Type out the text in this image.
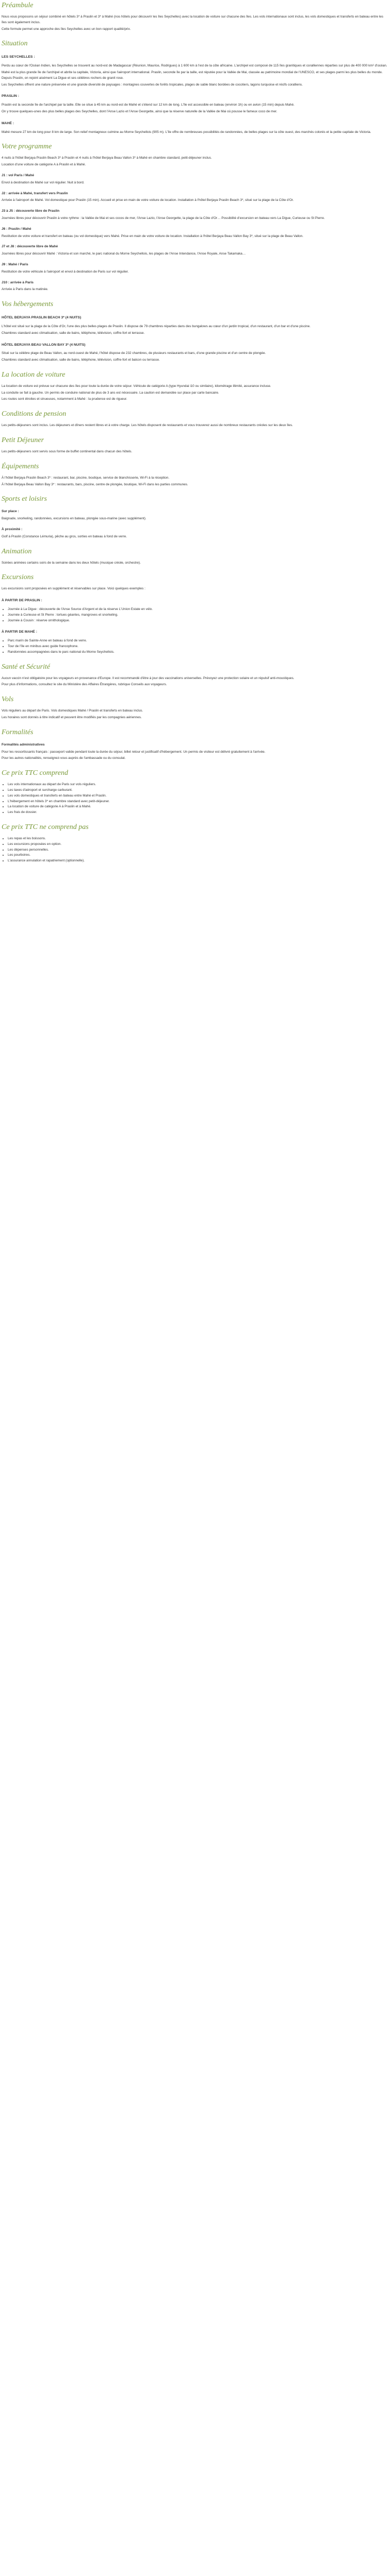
Préambule

Nous vous proposons un séjour combiné en hôtels 3* à Praslin et 3* à Mahé (nos hôtels pour découvrir les îles Seychelles) avec la location de voiture sur chacune des îles. Les vols internationaux sont inclus, les vols domestiques et transferts en bateau entre les îles sont également inclus.

Cette formule permet une approche des îles Seychelles avec un bon rapport qualité/prix.

Situation
LES SEYCHELLES :

Perdu au cœur de l'Océan Indien, les Seychelles se trouvent au nord-est de Madagascar (Réunion, Maurice, Rodrigues) à 1 600 km à l'est de la côte africaine. L'archipel est composé de 115 îles granitiques et coralliennes réparties sur plus de 400 000 km² d'océan.

Mahé est la plus grande île de l'archipel et abrite la capitale, Victoria, ainsi que l'aéroport international. Praslin, seconde île par la taille, est réputée pour la Vallée de Mai, classée au patrimoine mondial de l'UNESCO, et ses plages parmi les plus belles du monde. Depuis Praslin, on rejoint aisément La Digue et ses célèbres rochers de granit rose.

Les Seychelles offrent une nature préservée et une grande diversité de paysages : montagnes couvertes de forêts tropicales, plages de sable blanc bordées de cocotiers, lagons turquoise et récifs coralliens.

PRASLIN :

Praslin est la seconde île de l'archipel par la taille. Elle se situe à 45 km au nord-est de Mahé et s'étend sur 12 km de long. L'île est accessible en bateau (environ 1h) ou en avion (15 min) depuis Mahé.

On y trouve quelques-unes des plus belles plages des Seychelles, dont l'Anse Lazio et l'Anse Georgette, ainsi que la réserve naturelle de la Vallée de Mai où pousse le fameux coco de mer.

MAHÉ :

Mahé mesure 27 km de long pour 8 km de large. Son relief montagneux culmine au Morne Seychellois (905 m). L'île offre de nombreuses possibilités de randonnées, de belles plages sur la côte ouest, des marchés colorés et la petite capitale de Victoria.

Votre programme

4 nuits à l'hôtel Berjaya Praslin Beach 3* à Praslin et 4 nuits à l'hôtel Berjaya Beau Vallon 3* à Mahé en chambre standard, petit-déjeuner inclus.

Location d'une voiture de catégorie A à Praslin et à Mahé.

J1 : vol Paris / Mahé

Envol à destination de Mahé sur vol régulier. Nuit à bord.

J2 : arrivée à Mahé, transfert vers Praslin

Arrivée à l'aéroport de Mahé. Vol domestique pour Praslin (15 min). Accueil et prise en main de votre voiture de location. Installation à l'hôtel Berjaya Praslin Beach 3*, situé sur la plage de la Côte d'Or.

J3 à J5 : découverte libre de Praslin

Journées libres pour découvrir Praslin à votre rythme : la Vallée de Mai et ses cocos de mer, l'Anse Lazio, l'Anse Georgette, la plage de la Côte d'Or… Possibilité d'excursion en bateau vers La Digue, Curieuse ou St Pierre.

J6 : Praslin / Mahé

Restitution de votre voiture et transfert en bateau (ou vol domestique) vers Mahé. Prise en main de votre voiture de location. Installation à l'hôtel Berjaya Beau Vallon Bay 3*, situé sur la plage de Beau Vallon.

J7 et J8 : découverte libre de Mahé

Journées libres pour découvrir Mahé : Victoria et son marché, le parc national du Morne Seychellois, les plages de l'Anse Intendance, l'Anse Royale, Anse Takamaka…

J9 : Mahé / Paris

Restitution de votre véhicule à l'aéroport et envol à destination de Paris sur vol régulier.

J10 : arrivée à Paris

Arrivée à Paris dans la matinée.

Vos hébergements
HÔTEL BERJAYA PRASLIN BEACH 3* (4 NUITS)

L'hôtel est situé sur la plage de la Côte d'Or, l'une des plus belles plages de Praslin. Il dispose de 79 chambres réparties dans des bungalows au cœur d'un jardin tropical, d'un restaurant, d'un bar et d'une piscine.

Chambres standard avec climatisation, salle de bains, téléphone, télévision, coffre-fort et terrasse.

HÔTEL BERJAYA BEAU VALLON BAY 3* (4 NUITS)

Situé sur la célèbre plage de Beau Vallon, au nord-ouest de Mahé, l'hôtel dispose de 232 chambres, de plusieurs restaurants et bars, d'une grande piscine et d'un centre de plongée.

Chambres standard avec climatisation, salle de bains, téléphone, télévision, coffre-fort et balcon ou terrasse.

La location de voiture

La location de voiture est prévue sur chacune des îles pour toute la durée de votre séjour. Véhicule de catégorie A (type Hyundai i10 ou similaire), kilométrage illimité, assurance incluse.

La conduite se fait à gauche. Un permis de conduire national de plus de 3 ans est nécessaire. La caution est demandée sur place par carte bancaire.

Les routes sont étroites et sinueuses, notamment à Mahé : la prudence est de rigueur.

Conditions de pension

Les petits-déjeuners sont inclus. Les déjeuners et dîners restent libres et à votre charge. Les hôtels disposent de restaurants et vous trouverez aussi de nombreux restaurants créoles sur les deux îles.

Petit Déjeuner

Les petits-déjeuners sont servis sous forme de buffet continental dans chacun des hôtels.

Équipements

À l'hôtel Berjaya Praslin Beach 3* : restaurant, bar, piscine, boutique, service de blanchisserie, Wi-Fi à la réception.

À l'hôtel Berjaya Beau Vallon Bay 3* : restaurants, bars, piscine, centre de plongée, boutique, Wi-Fi dans les parties communes.

Sports et loisirs
Sur place :

Baignade, snorkeling, randonnées, excursions en bateau, plongée sous-marine (avec supplément).

À proximité :

Golf à Praslin (Constance Lémuria), pêche au gros, sorties en bateau à fond de verre.

Animation

Soirées animées certains soirs de la semaine dans les deux hôtels (musique créole, orchestre).

Excursions

Les excursions sont proposées en supplément et réservables sur place. Voici quelques exemples :

À PARTIR DE PRASLIN :
• Journée à La Digue : découverte de l'Anse Source d'Argent et de la réserve L'Union Estate en vélo.
• Journée à Curieuse et St Pierre : tortues géantes, mangroves et snorkeling.
• Journée à Cousin : réserve ornithologique.
À PARTIR DE MAHÉ :
• Parc marin de Sainte-Anne en bateau à fond de verre.
• Tour de l'île en minibus avec guide francophone.
• Randonnées accompagnées dans le parc national du Morne Seychellois.
Santé et Sécurité

Aucun vaccin n'est obligatoire pour les voyageurs en provenance d'Europe. Il est recommandé d'être à jour des vaccinations universelles. Prévoyez une protection solaire et un répulsif anti-moustiques.

Pour plus d'informations, consultez le site du Ministère des Affaires Étrangères, rubrique Conseils aux voyageurs.

Vols

Vols réguliers au départ de Paris. Vols domestiques Mahé / Praslin et transferts en bateau inclus.

Les horaires sont donnés à titre indicatif et peuvent être modifiés par les compagnies aériennes.

Formalités
Formalités administratives

Pour les ressortissants français : passeport valide pendant toute la durée du séjour, billet retour et justificatif d'hébergement. Un permis de visiteur est délivré gratuitement à l'arrivée.

Pour les autres nationalités, renseignez-vous auprès de l'ambassade ou du consulat.

Ce prix TTC comprend
• Les vols internationaux au départ de Paris sur vols réguliers.
• Les taxes d'aéroport et surcharge carburant.
• Les vols domestiques et transferts en bateau entre Mahé et Praslin.
• L'hébergement en hôtels 3* en chambre standard avec petit-déjeuner.
• La location de voiture de catégorie A à Praslin et à Mahé.
• Les frais de dossier.
Ce prix TTC ne comprend pas
• Les repas et les boissons.
• Les excursions proposées en option.
• Les dépenses personnelles.
• Les pourboires.
• L'assurance annulation et rapatriement (optionnelle).
